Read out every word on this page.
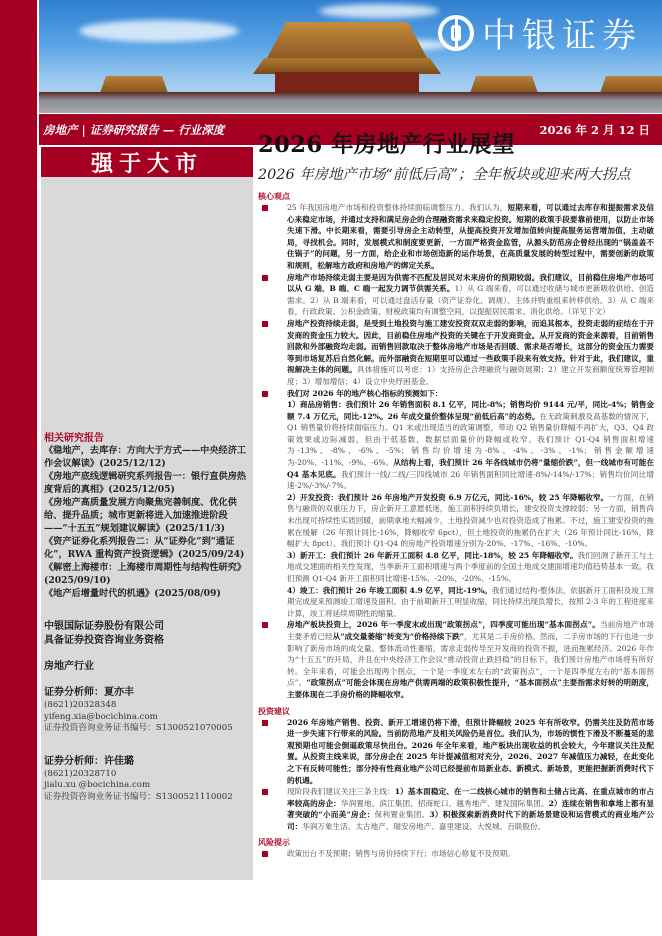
中银证券
房地产 | 证券研究报告 — 行业深度	2026 年 2 月 12 日
强于大市
相关研究报告
《稳地产，去库存：方向大于方式——中央经济工作会议解读》(2025/12/12)
《房地产底线逻辑研究系列报告一：银行直供房热度背后的真相》(2025/12/05)
《房地产高质量发展方向聚焦完善制度、优化供给、提升品质；城市更新将进入加速推进阶段——“十五五”规划建议解读》(2025/11/3)
《资产证券化系列报告二：从“证券化”到“通证化”，RWA 重构资产投资逻辑》(2025/09/24)
《解密上海楼市：上海楼市周期性与结构性研究》(2025/09/10)
《地产后增量时代的机遇》(2025/08/09)
中银国际证券股份有限公司
具备证券投资咨询业务资格
房地产行业
证券分析师：夏亦丰
(8621)20328348
yifeng.xia@bocichina.com
证券投资咨询业务证书编号：S1300521070005
证券分析师：许佳璐
(8621)20328710
jialu.xu @bocichina.com
证券投资咨询业务证书编号：S1300521110002
2026 年房地产行业展望
2026 年房地产市场“前低后高”；全年板块或迎来两大拐点
核心观点
25 年我国房地产市场和投资整体持续面临调整压力。我们认为，短期来看，可以通过去库存和提振需求及信心来稳定市场，并通过支持和满足房企的合理融资需求来稳定投资。短期的政策手段要靠前使用，以防止市场失速下滑。中长期来看，需要引导房企主动转型，从提高投资开发增加值转向提高服务运营增加值，主动破局，寻找机会。同时，发展模式和制度要更新，一方面严格资金监管，从源头防范房企曾经出现的“锅盖盖不住锅子”的问题，另一方面，给企业和市场创造新的运作场景，在高质量发展的转型过程中，需要创新的政策和规则，松解地方政府和房地产的绑定关系。
房地产市场持续走弱主要是因为供需不匹配及居民对未来房价的预期较弱。我们建议，目前稳住房地产市场可以从 G 端、B 端、C 端一起发力调节供需关系。1）从 G 端来看，可以通过收储与城市更新吸收供给、创造需求。2）从 B 端来看，可以通过盘活存量（资产证券化、调规）、主体并购重组来转移供给。3）从 C 端来看，行政政策、公积金政策、财税政策均有调整空间，以提振居民需求、消化供给。（详见下文）
房地产投资持续走弱，是受到土地投资与施工建安投资双双走弱的影响，而追其根本，投资走弱的症结在于开发商的资金压力较大。因此，目前稳住房地产投资的关键在于开发商资金。从开发商的资金来源看，目前销售回款和外部融资均走弱。而销售回款取决于整体房地产市场是否回暖、需求是否增长，这部分的资金压力需要等到市场复苏后自然化解。而外部融资在短期里可以通过一些政策手段来有效支持。针对于此，我们建议，重视解决主体的问题。具体措施可以考虑：1）支持房企合理融资与融资展期；2）建立开发商额度统筹管理制度；3）增加增信；4）设立中央纾困基金。
我们对 2026 年的地产核心指标的预测如下：
1）商品房销售：我们预计 26 年销售面积 8.1 亿平，同比-8%；销售均价 9144 元/平，同比-4%；销售金额 7.4 万亿元，同比-12%。26 年成交量价整体呈现“前低后高”的态势。在无政策刺激及高基数的情况下，Q1 销售量价将持续面临压力。Q1 末或出现适当的政策调整，带动 Q2 销售量价降幅不再扩大，Q3、Q4 政策效果或边际减弱，但由于低基数，数据层面量价的降幅或收窄。我们预计 Q1-Q4 销售面积增速为-13%、-8%、-6%、-5%；销售均价增速为-8%、-4%、-3%、-1%；销售金额增速为-20%、-11%、-9%、-6%。从结构上看，我们预计 26 年各线城市仍将“量缩价跌”，但一线城市有可能在 Q4 基本见底。我们预计一线/二线/三四线城市 26 年销售面积同比增速-8%/-14%/-17%；销售均价同比增速-2%/-3%/-7%。
2）开发投资：我们预计 26 年房地产开发投资 6.9 万亿元，同比-16%，较 25 年降幅收窄。一方面，在销售与融资的双重压力下，房企新开工意愿低迷，施工面积持续负增长，建安投资支撑较弱；另一方面，销售尚未出现可持续性实质回暖，前期拿地大幅减少，土地投资减少也对投资造成了拖累。不过，施工建安投资的拖累在缓解（26 年预计同比-16%，降幅收窄 6pct），但土地投资的拖累仍在扩大（26 年预计同比-16%，降幅扩大 8pct）。我们预计 Q1-Q4 的房地产投资增速分别为-20%、-17%、-16%、-10%。
3）新开工：我们预计 26 年新开工面积 4.8 亿平，同比-18%，较 25 年降幅收窄。我们回测了新开工与土地成交建面的相关性发现，当季新开工面积增速与两个季度前的全国土地成交建面增速均值趋势基本一致。我们预测 Q1-Q4 新开工面积同比增速-15%、-20%、-20%、-15%。
4）竣工：我们预计 26 年竣工面积 4.9 亿平，同比-19%。我们通过结构-整体法，依据新开工面积及竣工预期完成度来预测竣工增速及面积。由于前期新开工明显收缩，同比持续出现负增长，按照 2-3 年的工程进度来计算，竣工将延续周期性的缩量。
房地产板块投资上，2026 年一季度末或出现“政策拐点”，四季度可能出现“基本面拐点”。当前房地产市场主要矛盾已经从“成交量萎缩”转变为“价格持续下跌”，尤其是二手房价格。然而，二手房市场的下行也进一步影响了新房市场的成交量。整体流动性萎缩，需求走弱传导至开发商的投资不振，进而拖累经济。2026 年作为“十五五”的开局，并且在中央经济工作会议“推动投资止跌回稳”的目标下，我们预计房地产市场将有所好转。全年来看，可能会出现两个拐点，一个是一季度末左右的“政策拐点”，一个是四季度左右的“基本面拐点”。“政策拐点”可能会体现在房地产供需两端的政策积极性提升，“基本面拐点”主要指需求好转的明朗度，主要体现在二手房价格的降幅收窄。
投资建议
2026 年房地产销售、投资、新开工增速仍将下滑，但预计降幅较 2025 年有所收窄。仍需关注及防范市场进一步失速下行带来的风险。当前防范地产及相关风险仍是首位。我们认为，市场的惯性下滑及不断蔓延的悲观预期也可能会倒逼政策尽快出台。2026 年全年来看，地产板块出现收益的机会较大，今年建议关注及配置。从投资主线来说，部分房企在 2025 年计提减值相对充分，2026、2027 年减值压力减轻，在此变化之下有反转可能性；部分持有性商业地产公司已经提前布局新业态、新模式、新场景，更能把握新消费时代下的机遇。
现阶段我们建议关注三条主线：1）基本面稳定、在一二线核心城市的销售和土储占比高、在重点城市的市占率较高的房企：华润置地、滨江集团、招商蛇口、越秀地产、建发国际集团。2）连续在销售和拿地上都有显著突破的“小而美”房企：保利置业集团。3）积极探索新消费时代下的新场景建设和运营模式的商业地产公司：华润万象生活、太古地产、瑞安房地产、嘉里建设、大悦城、百联股份。
风险提示
政策出台不及预期；销售与房价持续下行；市场信心修复不及预期。
